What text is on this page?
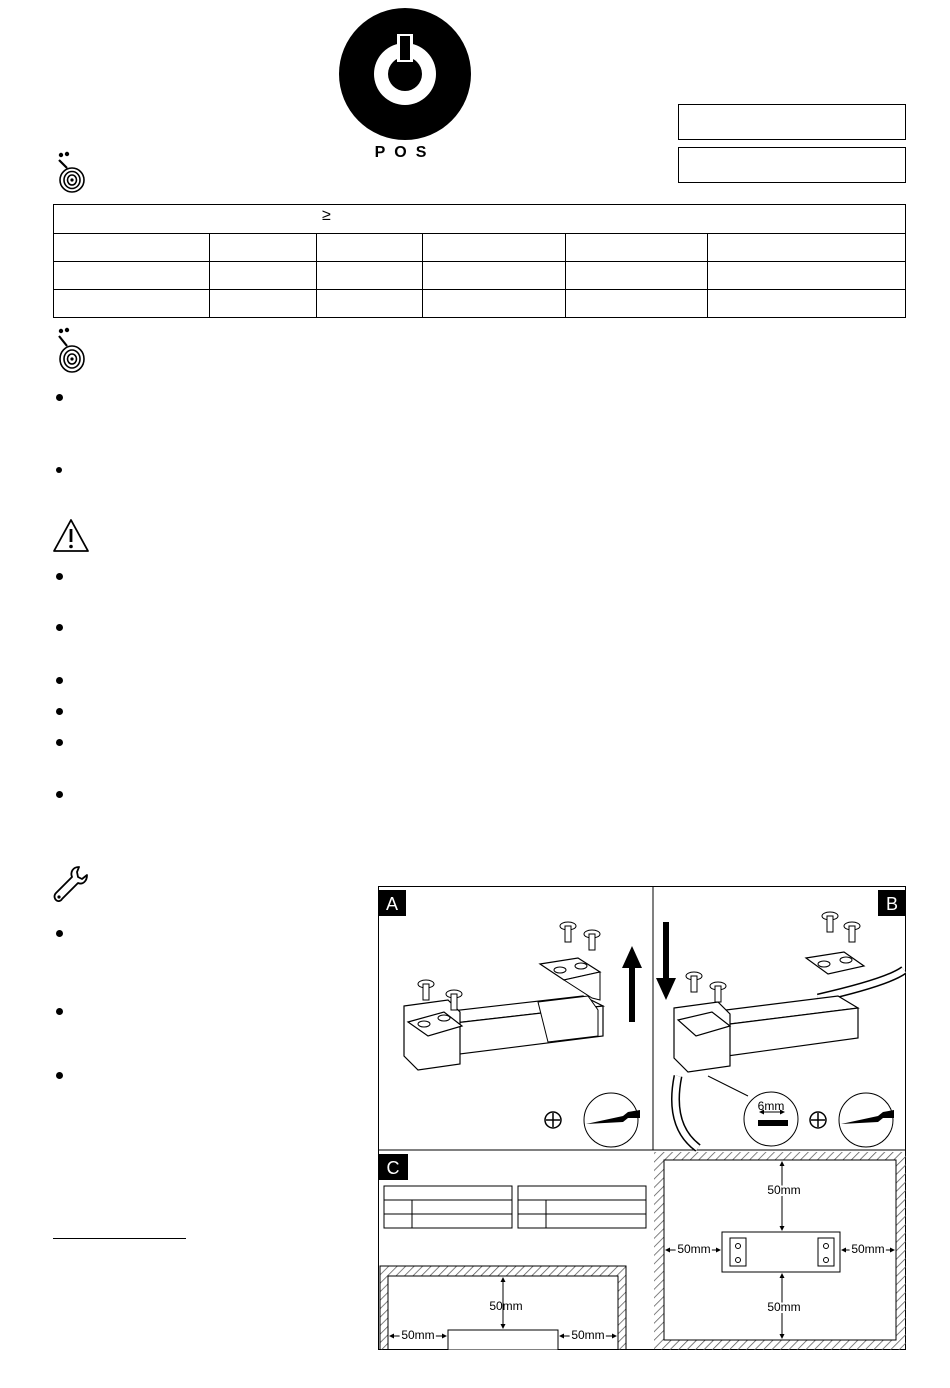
POS
≥
A	B
6mm
C
50mm
50mm	50mm
50mm
50mm
50mm	50mm
